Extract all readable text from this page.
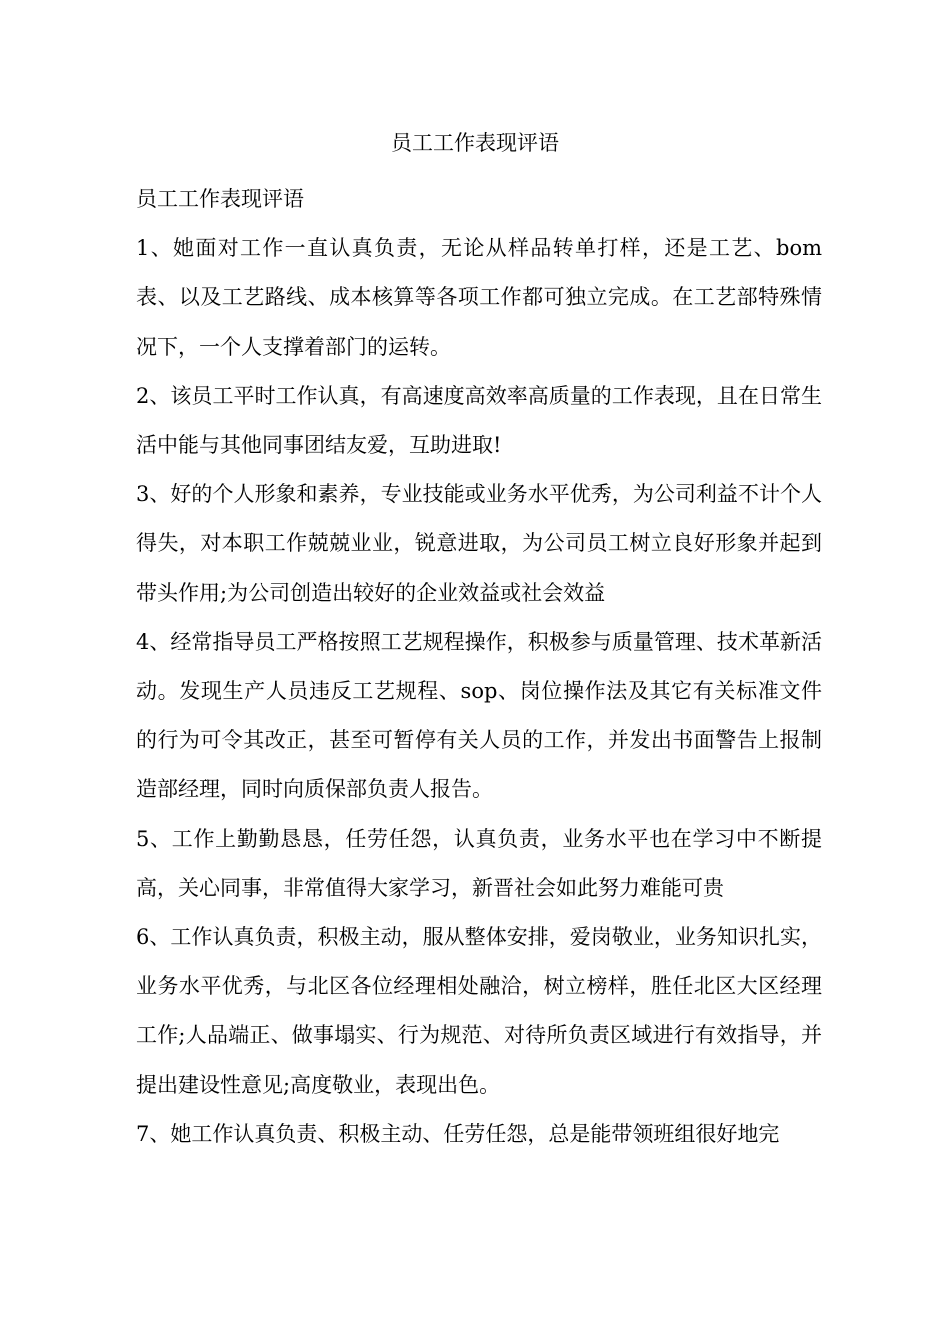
员工工作表现评语

员工工作表现评语

1、她面对工作一直认真负责，无论从样品转单打样，还是工艺、bom表、以及工艺路线、成本核算等各项工作都可独立完成。在工艺部特殊情况下，一个人支撑着部门的运转。

2、该员工平时工作认真，有高速度高效率高质量的工作表现，且在日常生活中能与其他同事团结友爱，互助进取!

3、好的个人形象和素养，专业技能或业务水平优秀，为公司利益不计个人得失，对本职工作兢兢业业，锐意进取，为公司员工树立良好形象并起到带头作用;为公司创造出较好的企业效益或社会效益

4、经常指导员工严格按照工艺规程操作，积极参与质量管理、技术革新活动。发现生产人员违反工艺规程、sop、岗位操作法及其它有关标准文件的行为可令其改正，甚至可暂停有关人员的工作，并发出书面警告上报制造部经理，同时向质保部负责人报告。

5、工作上勤勤恳恳，任劳任怨，认真负责，业务水平也在学习中不断提高，关心同事，非常值得大家学习，新晋社会如此努力难能可贵

6、工作认真负责，积极主动，服从整体安排，爱岗敬业，业务知识扎实，业务水平优秀，与北区各位经理相处融洽，树立榜样，胜任北区大区经理工作;人品端正、做事塌实、行为规范、对待所负责区域进行有效指导，并提出建设性意见;高度敬业，表现出色。

7、她工作认真负责、积极主动、任劳任怨，总是能带领班组很好地完
